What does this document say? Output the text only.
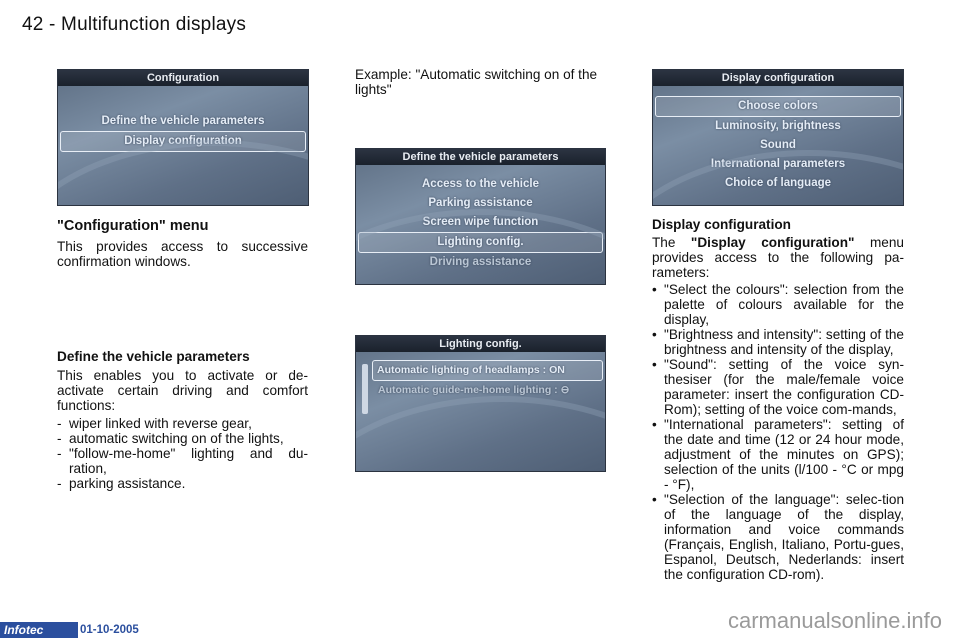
42 - Multifunction displays
Configuration
Define the vehicle parameters
Display configuration

"Configuration" menu

This provides access to successive confirmation windows.

Define the vehicle parameters

This enables you to activate or de-activate certain driving and comfort functions:

- wiper linked with reverse gear,
- automatic switching on of the lights,
- "follow-me-home" lighting and du-ration,
- parking assistance.

Example: "Automatic switching on of the lights"

Define the vehicle parameters
Access to the vehicle
Parking assistance
Screen wipe function
Lighting config.
Driving assistance
Lighting config.
Automatic lighting of headlamps : ON
Automatic guide-me-home lighting : ⊖
Display configuration
Choose colors
Luminosity, brightness
Sound
International parameters
Choice of language

Display configuration

The "Display configuration" menu provides access to the following pa-rameters:

• "Select the colours": selection from the palette of colours available for the display,
• "Brightness and intensity": setting of the brightness and intensity of the display,
• "Sound": setting of the voice syn-thesiser (for the male/female voice parameter: insert the configuration CD-Rom); setting of the voice com-mands,
• "International parameters": setting of the date and time (12 or 24 hour mode, adjustment of the minutes on GPS); selection of the units (l/100 - °C or mpg - °F),
• "Selection of the language": selec-tion of the language of the display, information and voice commands (Français, English, Italiano, Portu-gues, Espanol, Deutsch, Nederlands: insert the configuration CD-rom).
Infotec	01-10-2005	carmanualsonline.info
